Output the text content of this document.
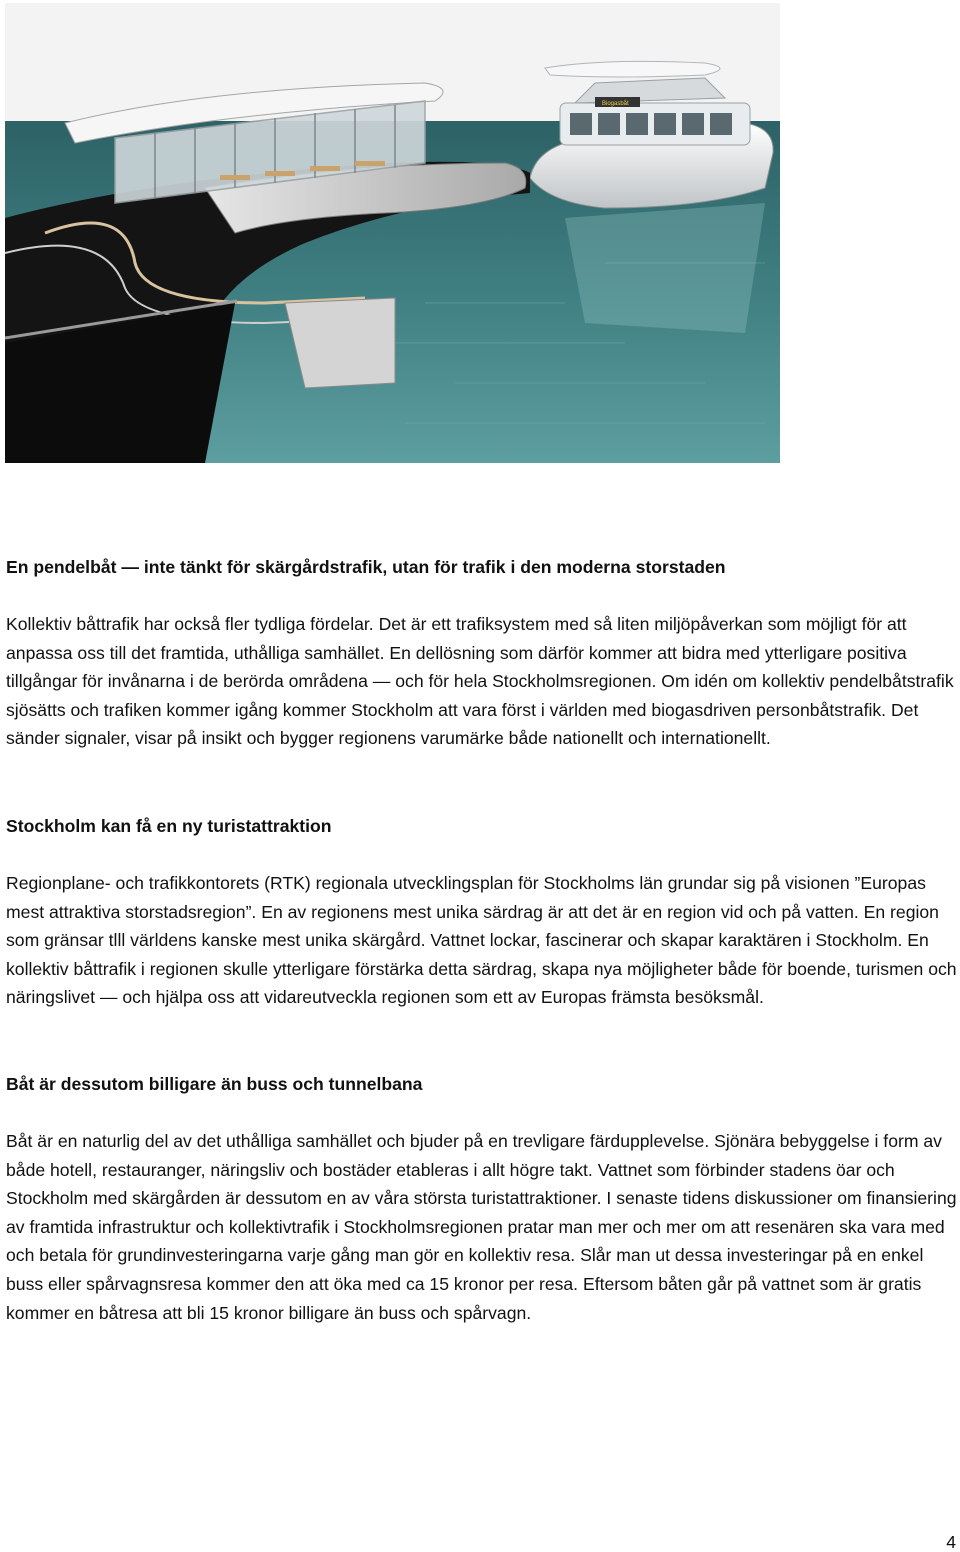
Biogasbåt
En pendelbåt — inte tänkt för skärgårdstrafik, utan för trafik i den moderna storstaden

Kollektiv båttrafik har också fler tydliga fördelar. Det är ett trafiksystem med så liten miljöpåverkan som möjligt för att anpassa oss till det framtida, uthålliga samhället. En dellösning som därför kommer att bidra med ytterligare positiva tillgångar för invånarna i de berörda områdena — och för hela Stockholmsregionen. Om idén om kollektiv pendelbåtstrafik sjösätts och trafiken kommer igång kommer Stockholm att vara först i världen med biogasdriven personbåtstrafik. Det sänder signaler, visar på insikt och bygger regionens varumärke både nationellt och internationellt.

Stockholm kan få en ny turistattraktion

Regionplane- och trafikkontorets (RTK) regionala utvecklingsplan för Stockholms län grundar sig på visionen ”Europas mest attraktiva storstadsregion”. En av regionens mest unika särdrag är att det är en region vid och på vatten. En region som gränsar tlll världens kanske mest unika skärgård. Vattnet lockar, fascinerar och skapar karaktären i Stockholm. En kollektiv båttrafik i regionen skulle ytterligare förstärka detta särdrag, skapa nya möjligheter både för boende, turismen och näringslivet — och hjälpa oss att vidareutveckla regionen som ett av Europas främsta besöksmål.

Båt är dessutom billigare än buss och tunnelbana

Båt är en naturlig del av det uthålliga samhället och bjuder på en trevligare färdupplevelse. Sjönära bebyggelse i form av både hotell, restauranger, näringsliv och bostäder etableras i allt högre takt. Vattnet som förbinder stadens öar och Stockholm med skärgården är dessutom en av våra största turistattraktioner. I senaste tidens diskussioner om finansiering av framtida infrastruktur och kollektivtrafik i Stockholmsregionen pratar man mer och mer om att resenären ska vara med och betala för grundinvesteringarna varje gång man gör en kollektiv resa. Slår man ut dessa investeringar på en enkel buss eller spårvagnsresa kommer den att öka med ca 15 kronor per resa. Eftersom båten går på vattnet som är gratis kommer en båtresa att bli 15 kronor billigare än buss och spårvagn.

4
